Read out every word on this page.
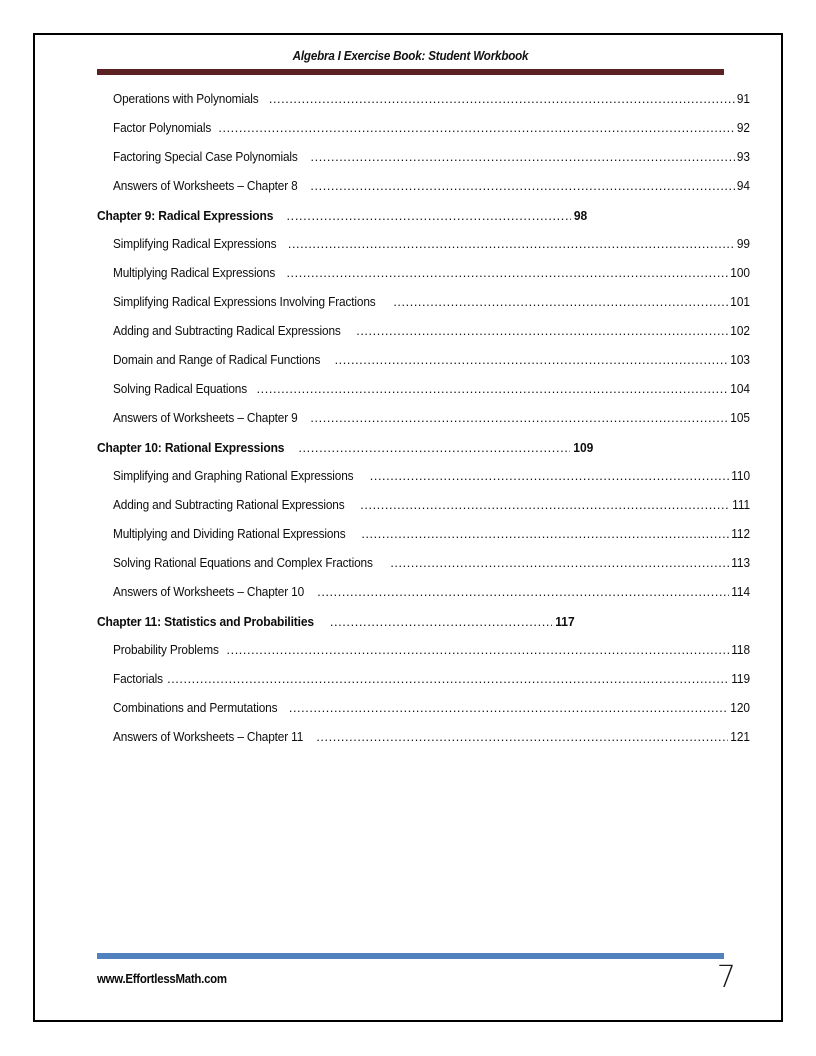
Algebra I Exercise Book: Student Workbook
Operations with Polynomials .....	91
Factor Polynomials .....	92
Factoring Special Case Polynomials .....	93
Answers of Worksheets – Chapter 8 .....	94
Chapter 9: Radical Expressions .....	98
Simplifying Radical Expressions .....	99
Multiplying Radical Expressions .....	100
Simplifying Radical Expressions Involving Fractions .....	101
Adding and Subtracting Radical Expressions .....	102
Domain and Range of Radical Functions .....	103
Solving Radical Equations .....	104
Answers of Worksheets – Chapter 9 .....	105
Chapter 10: Rational Expressions .....	109
Simplifying and Graphing Rational Expressions .....	110
Adding and Subtracting Rational Expressions .....	111
Multiplying and Dividing Rational Expressions .....	112
Solving Rational Equations and Complex Fractions .....	113
Answers of Worksheets – Chapter 10 .....	114
Chapter 11: Statistics and Probabilities .....	117
Probability Problems .....	118
Factorials .....	119
Combinations and Permutations .....	120
Answers of Worksheets – Chapter 11 .....	121
www.EffortlessMath.com	7
